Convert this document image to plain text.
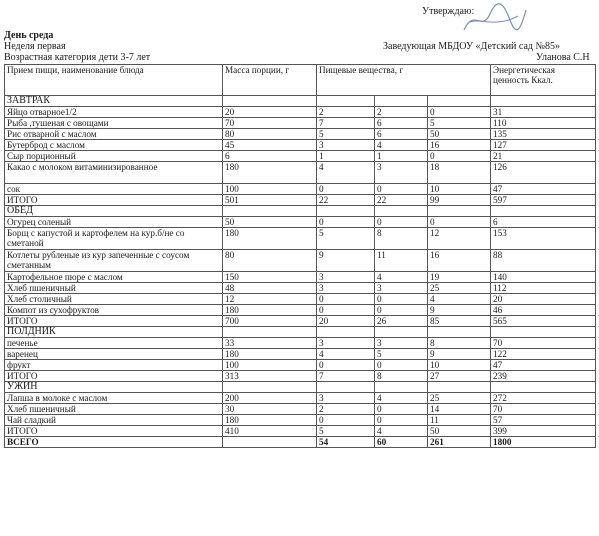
День среда
Неделя первая
Возрастная категория дети 3-7 лет
Утверждаю:
Заведующая МБДОУ «Детский сад №85»
Уланова С.Н
Прием пищи, наименование блюда	Масса порции, г	Пищевые вещества, г			Энергетическая ценность Ккал.
ЗАВТРАК					
Яйцо отварное1/2	20	2	2	0	31
Рыба ,тушеная с овощами	70	7	6	5	110
Рис отварной с маслом	80	5	6	50	135
Бутерброд с маслом	45	3	4	16	127
Сыр порционный	6	1	1	0	21
Какао с молоком витаминизированное	180	4	3	18	126
сок	100	0	0	10	47
ИТОГО	501	22	22	99	597
ОБЕД					
Огурец соленый	50	0	0	0	6
Борщ с капустой и картофелем на кур.б/не со сметаной	180	5	8	12	153
Котлеты рубленые из кур запеченные с соусом сметанным	80	9	11	16	88
Картофельное пюре с маслом	150	3	4	19	140
Хлеб пшеничный	48	3	3	25	112
Хлеб столичный	12	0	0	4	20
Компот из сухофруктов	180	0	0	9	46
ИТОГО	700	20	26	85	565
ПОЛДНИК					
печенье	33	3	3	8	70
варенец	180	4	5	9	122
фрукт	100	0	0	10	47
ИТОГО	313	7	8	27	239
УЖИН					
Лапша в молоке с маслом	200	3	4	25	272
Хлеб пшеничный	30	2	0	14	70
Чай сладкий	180	0	0	11	57
ИТОГО	410	5	4	50	399
ВСЕГО		54	60	261	1800
